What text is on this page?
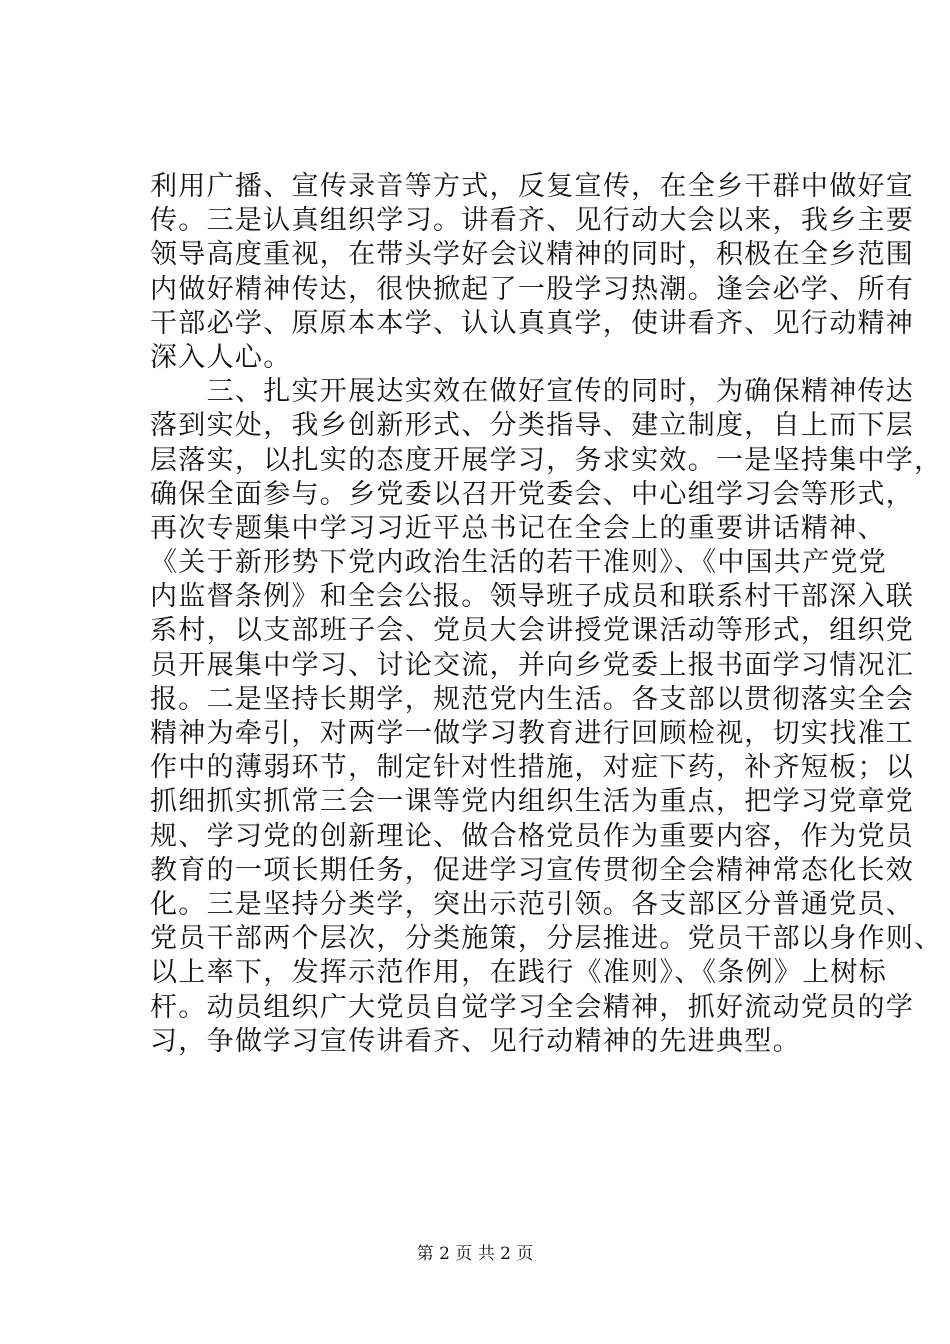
利用广播、宣传录音等方式，反复宣传，在全乡干群中做好宣
传。三是认真组织学习。讲看齐、见行动大会以来，我乡主要
领导高度重视，在带头学好会议精神的同时，积极在全乡范围
内做好精神传达，很快掀起了一股学习热潮。逢会必学、所有
干部必学、原原本本学、认认真真学，使讲看齐、见行动精神
深入人心。
　　三、扎实开展达实效在做好宣传的同时，为确保精神传达
落到实处，我乡创新形式、分类指导、建立制度，自上而下层
层落实，以扎实的态度开展学习，务求实效。一是坚持集中学，
确保全面参与。乡党委以召开党委会、中心组学习会等形式，
再次专题集中学习习近平总书记在全会上的重要讲话精神、
《关于新形势下党内政治生活的若干准则》、《中国共产党党
内监督条例》和全会公报。领导班子成员和联系村干部深入联
系村，以支部班子会、党员大会讲授党课活动等形式，组织党
员开展集中学习、讨论交流，并向乡党委上报书面学习情况汇
报。二是坚持长期学，规范党内生活。各支部以贯彻落实全会
精神为牵引，对两学一做学习教育进行回顾检视，切实找准工
作中的薄弱环节，制定针对性措施，对症下药，补齐短板；以
抓细抓实抓常三会一课等党内组织生活为重点，把学习党章党
规、学习党的创新理论、做合格党员作为重要内容，作为党员
教育的一项长期任务，促进学习宣传贯彻全会精神常态化长效
化。三是坚持分类学，突出示范引领。各支部区分普通党员、
党员干部两个层次，分类施策，分层推进。党员干部以身作则、
以上率下，发挥示范作用，在践行《准则》、《条例》上树标
杆。动员组织广大党员自觉学习全会精神，抓好流动党员的学
习，争做学习宣传讲看齐、见行动精神的先进典型。
第 2 页 共 2 页
